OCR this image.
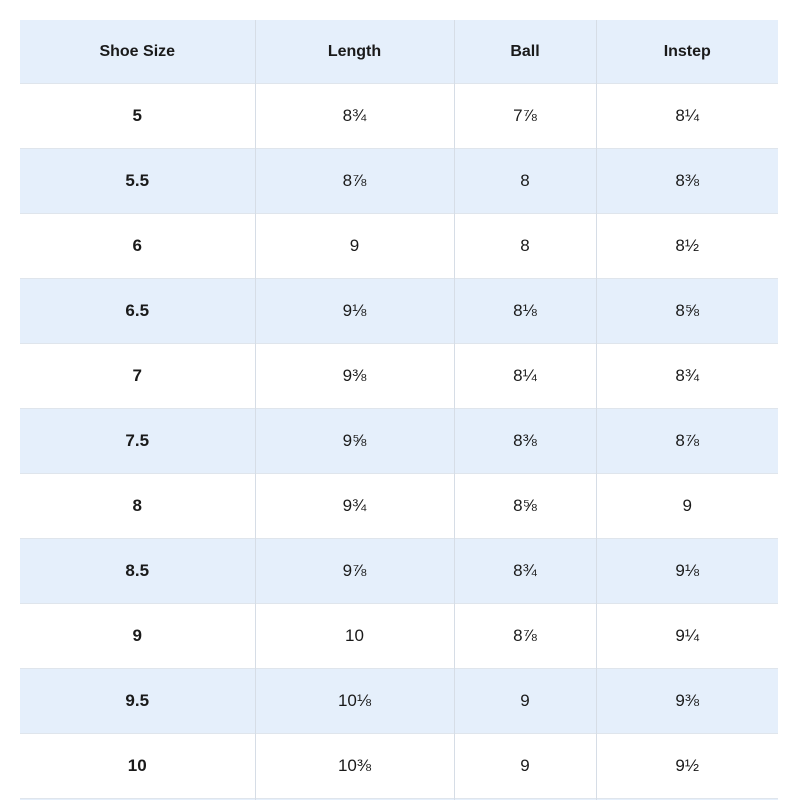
Shoe Size	Length	Ball	Instep
5	8¾	7⅞	8¼
5.5	8⅞	8	8⅜
6	9	8	8½
6.5	9⅛	8⅛	8⅝
7	9⅜	8¼	8¾
7.5	9⅝	8⅜	8⅞
8	9¾	8⅝	9
8.5	9⅞	8¾	9⅛
9	10	8⅞	9¼
9.5	10⅛	9	9⅜
10	10⅜	9	9½
